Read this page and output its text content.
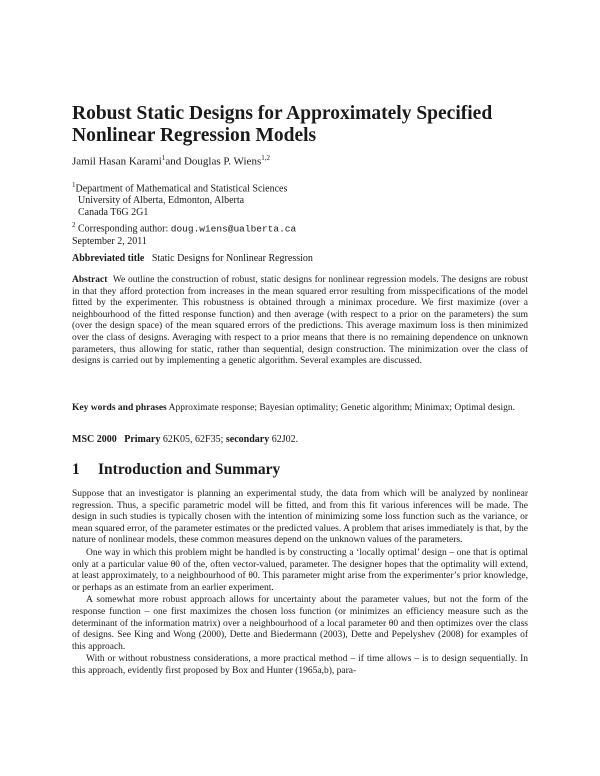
Robust Static Designs for Approximately Specified Nonlinear Regression Models
Jamil Hasan Karami$^1$and Douglas P. Wiens$^{1,2}$
$^1$Department of Mathematical and Statistical Sciences
University of Alberta, Edmonton, Alberta
Canada T6G 2G1
$^2$ Corresponding author: doug.wiens@ualberta.ca
September 2, 2011
Abbreviated title Static Designs for Nonlinear Regression

Abstract We outline the construction of robust, static designs for nonlinear regression models. The designs are robust in that they afford protection from increases in the mean squared error resulting from misspecifications of the model fitted by the experimenter. This robustness is obtained through a minimax procedure. We first maximize (over a neighbourhood of the fitted response function) and then average (with respect to a prior on the parameters) the sum (over the design space) of the mean squared errors of the predictions. This average maximum loss is then minimized over the class of designs. Averaging with respect to a prior means that there is no remaining dependence on unknown parameters, thus allowing for static, rather than sequential, design construction. The minimization over the class of designs is carried out by implementing a genetic algorithm. Several examples are discussed.

Key words and phrases Approximate response; Bayesian optimality; Genetic algorithm; Minimax; Optimal design.

MSC 2000 Primary 62K05, 62F35; secondary 62J02.
1 Introduction and Summary

Suppose that an investigator is planning an experimental study, the data from which will be analyzed by nonlinear regression. Thus, a specific parametric model will be fitted, and from this fit various inferences will be made. The design in such studies is typically chosen with the intention of minimizing some loss function such as the variance, or mean squared error, of the parameter estimates or the predicted values. A problem that arises immediately is that, by the nature of nonlinear models, these common measures depend on the unknown values of the parameters.

One way in which this problem might be handled is by constructing a ‘locally optimal’ design – one that is optimal only at a particular value θ0 of the, often vector-valued, parameter. The designer hopes that the optimality will extend, at least approximately, to a neighbourhood of θ0. This parameter might arise from the experimenter’s prior knowledge, or perhaps as an estimate from an earlier experiment.

A somewhat more robust approach allows for uncertainty about the parameter values, but not the form of the response function – one first maximizes the chosen loss function (or minimizes an efficiency measure such as the determinant of the information matrix) over a neighbourhood of a local parameter θ0 and then optimizes over the class of designs. See King and Wong (2000), Dette and Biedermann (2003), Dette and Pepelyshev (2008) for examples of this approach.

With or without robustness considerations, a more practical method – if time allows – is to design sequentially. In this approach, evidently first proposed by Box and Hunter (1965a,b), para-
